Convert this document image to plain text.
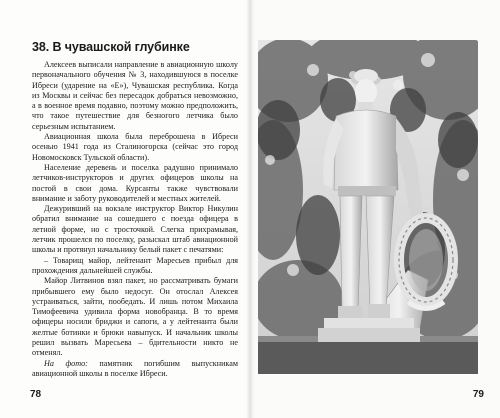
38. В чувашской глубинке

Алексеев выписали направление в авиационную школу первоначального обучения № 3, находившуюся в поселке Ибреси (ударение на «Е»), Чувашская республика. Когда из Москвы и сейчас без пересадок добраться невозможно, а в военное время подавно, поэтому можно предположить, что такое путешествие для безногого летчика было серьезным испытанием.

Авиационная школа была переброшена в Ибреси осенью 1941 года из Сталиногорска (сейчас это город Новомосковск Тульской области).

Население деревень и поселка радушно принимало летчиков-инструкторов и других офицеров школы на постой в свои дома. Курсанты также чувствовали внимание и заботу руководителей и местных жителей.

Дежуривший на вокзале инструктор Виктор Никулин обратил внимание на сошедшего с поезда офицера в летной форме, но с тросточкой. Слегка прихрамывая, летчик прошелся по поселку, разыскал штаб авиационной школы и протянул начальнику белый пакет с печатями:

– Товарищ майор, лейтенант Маресьев прибыл для прохождения дальнейшей службы.

Майор Литвинов взял пакет, но рассматривать бумаги прибывшего ему было недосуг. Он отослал Алексея устраиваться, зайти, пообедать. И лишь потом Михаила Тимофеевича удивила форма новобранца. В то время офицеры носили бриджи и сапоги, а у лейтенанта были желтые ботинки и брюки навыпуск. И начальник школы решил вызвать Маресьева – бдительности никто не отменял.

На фото: памятник погибшим выпускникам авиационной школы в поселке Ибреси.

78	79
